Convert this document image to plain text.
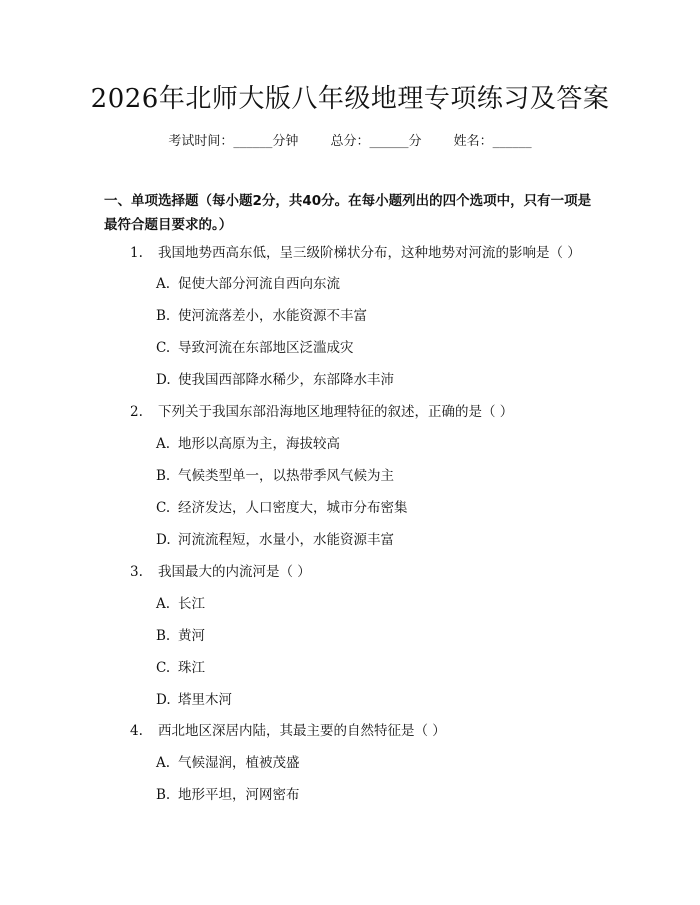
2026年北师大版八年级地理专项练习及答案
考试时间：______分钟 总分：______分 姓名：______
一、单项选择题（每小题2分，共40分。在每小题列出的四个选项中，只有一项是最符合题目要求的。）
1. 我国地势西高东低，呈三级阶梯状分布，这种地势对河流的影响是（ ）
A. 促使大部分河流自西向东流
B. 使河流落差小，水能资源不丰富
C. 导致河流在东部地区泛滥成灾
D. 使我国西部降水稀少，东部降水丰沛
2. 下列关于我国东部沿海地区地理特征的叙述，正确的是（ ）
A. 地形以高原为主，海拔较高
B. 气候类型单一，以热带季风气候为主
C. 经济发达，人口密度大，城市分布密集
D. 河流流程短，水量小，水能资源丰富
3. 我国最大的内流河是（ ）
A. 长江
B. 黄河
C. 珠江
D. 塔里木河
4. 西北地区深居内陆，其最主要的自然特征是（ ）
A. 气候湿润，植被茂盛
B. 地形平坦，河网密布
